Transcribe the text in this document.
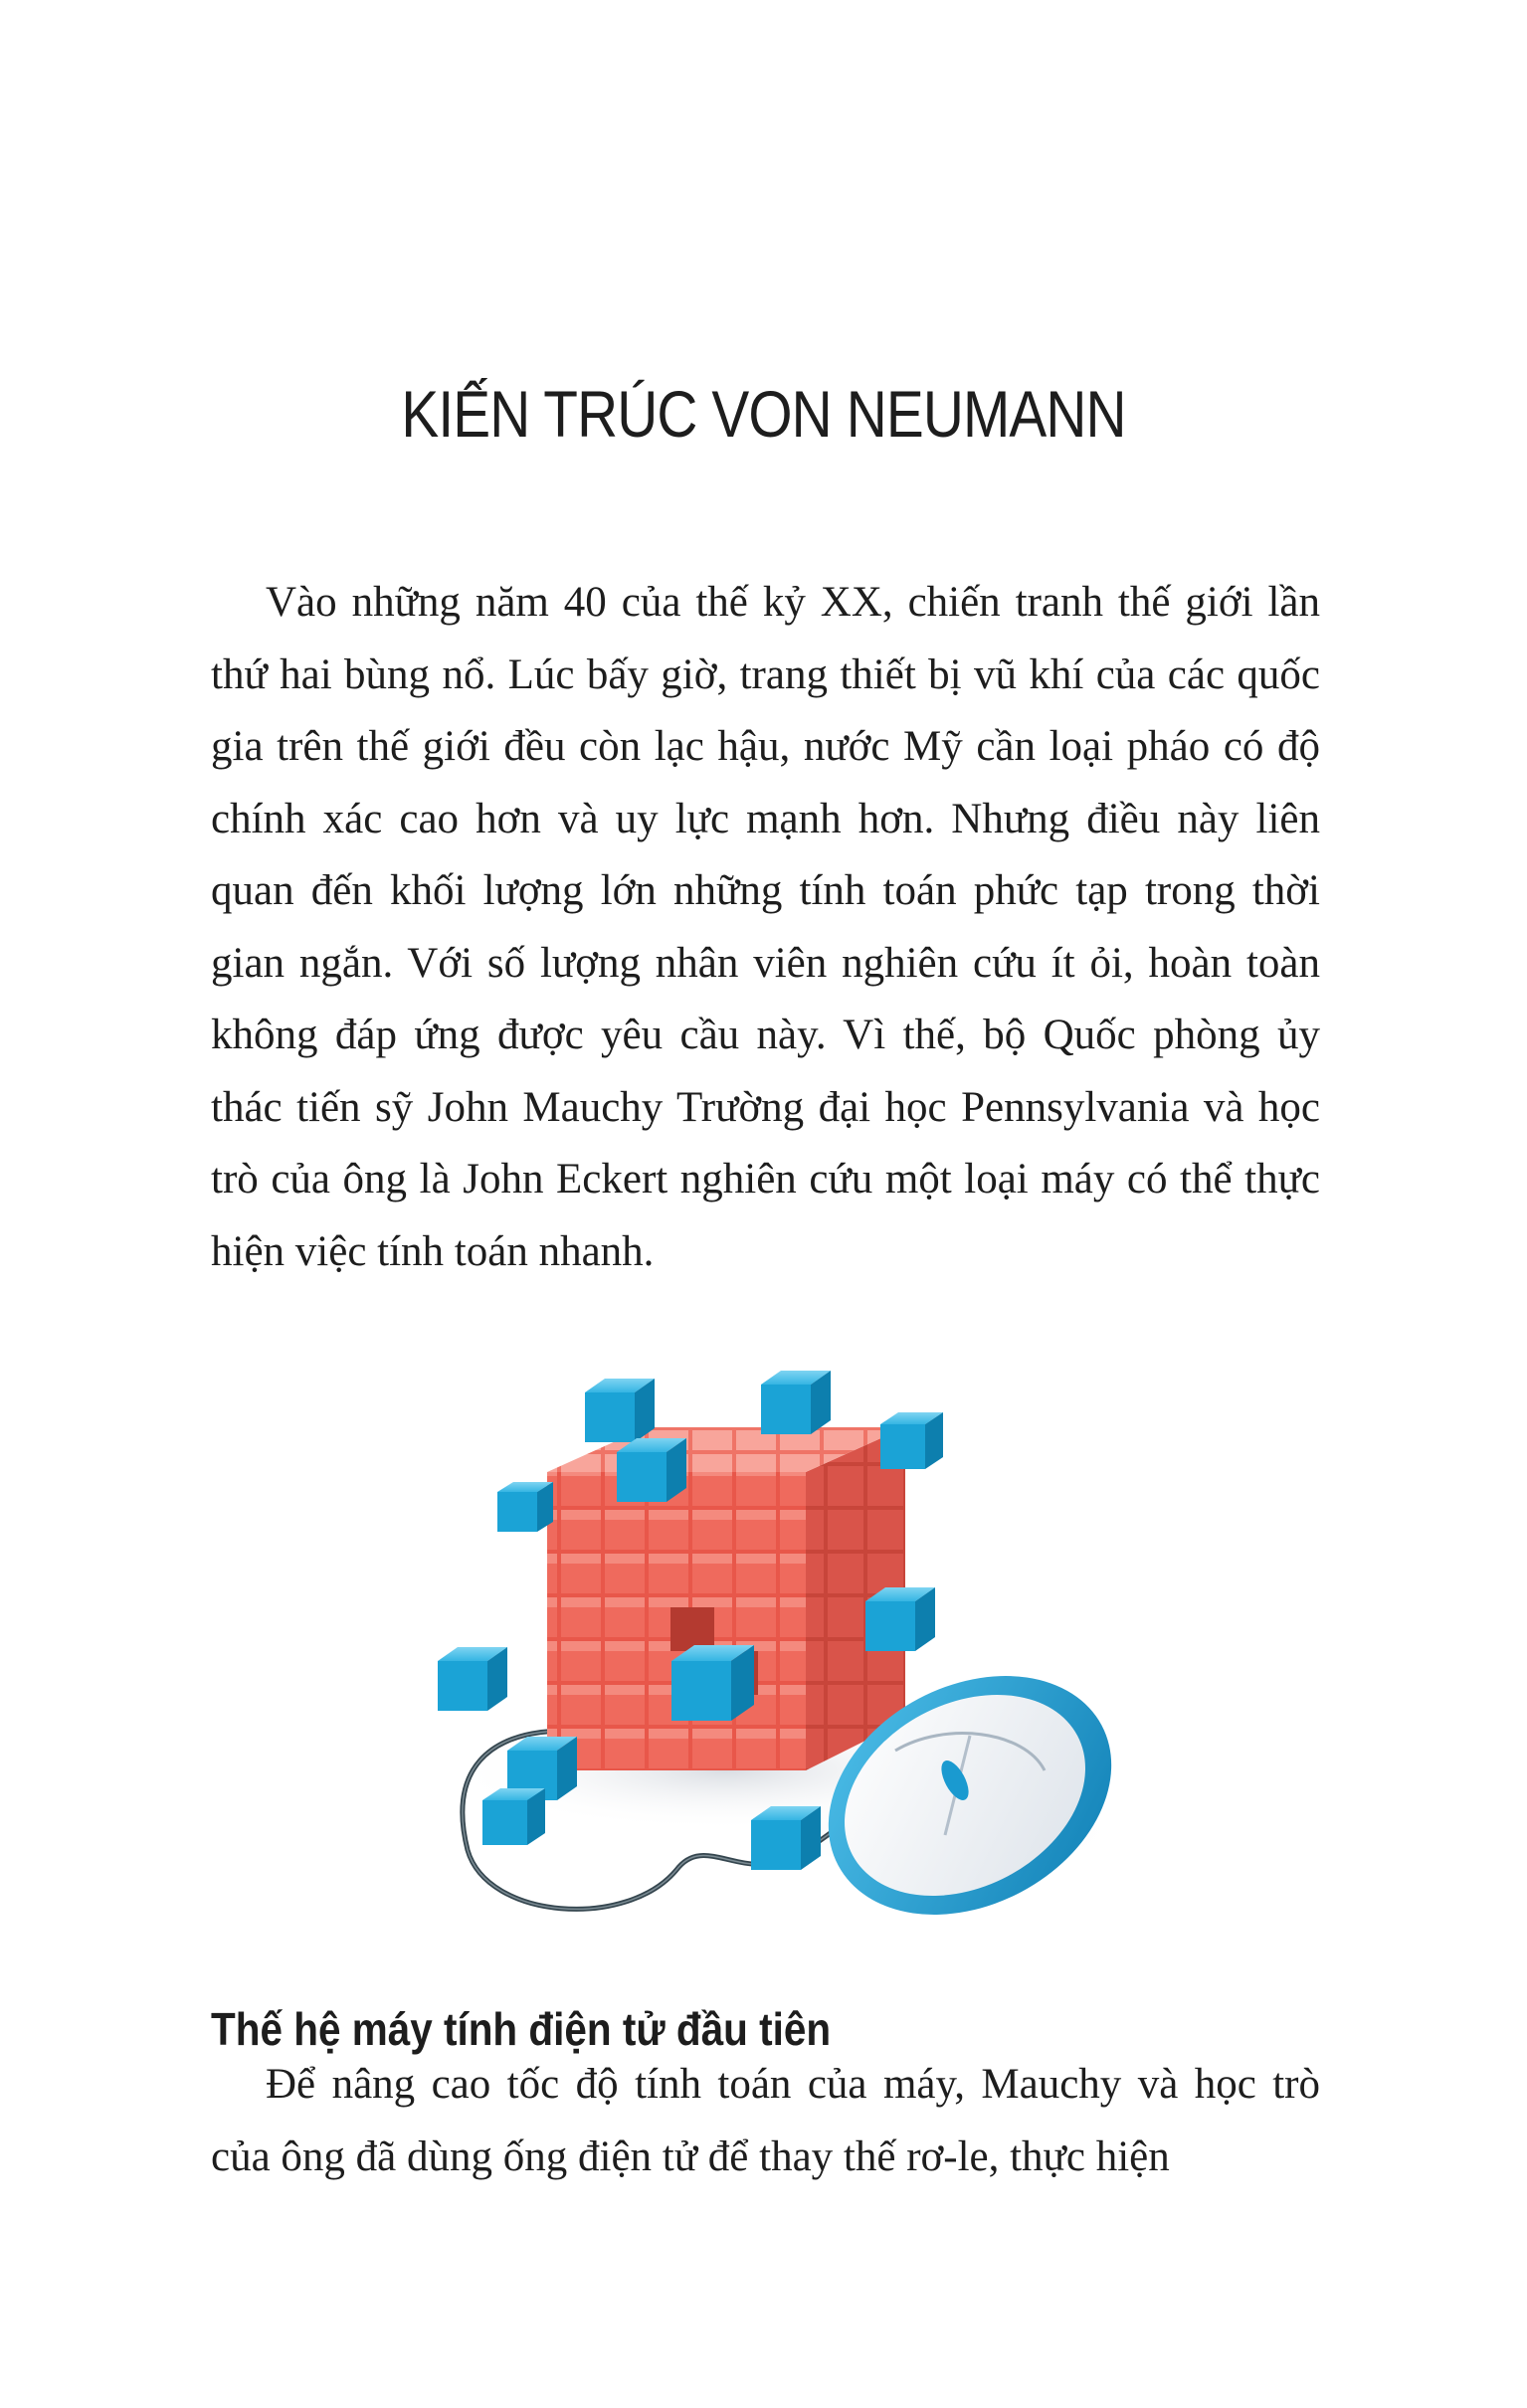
KIẾN TRÚC VON NEUMANN

Vào những năm 40 của thế kỷ XX, chiến tranh thế giới lần thứ hai bùng nổ. Lúc bấy giờ, trang thiết bị vũ khí của các quốc gia trên thế giới đều còn lạc hậu, nước Mỹ cần loại pháo có độ chính xác cao hơn và uy lực mạnh hơn. Nhưng điều này liên quan đến khối lượng lớn những tính toán phức tạp trong thời gian ngắn. Với số lượng nhân viên nghiên cứu ít ỏi, hoàn toàn không đáp ứng được yêu cầu này. Vì thế, bộ Quốc phòng ủy thác tiến sỹ John Mauchy Trường đại học Pennsylvania và học trò của ông là John Eckert nghiên cứu một loại máy có thể thực hiện việc tính toán nhanh.

Thế hệ máy tính điện tử đầu tiên

Để nâng cao tốc độ tính toán của máy, Mauchy và học trò của ông đã dùng ống điện tử để thay thế rơ-le, thực hiện
